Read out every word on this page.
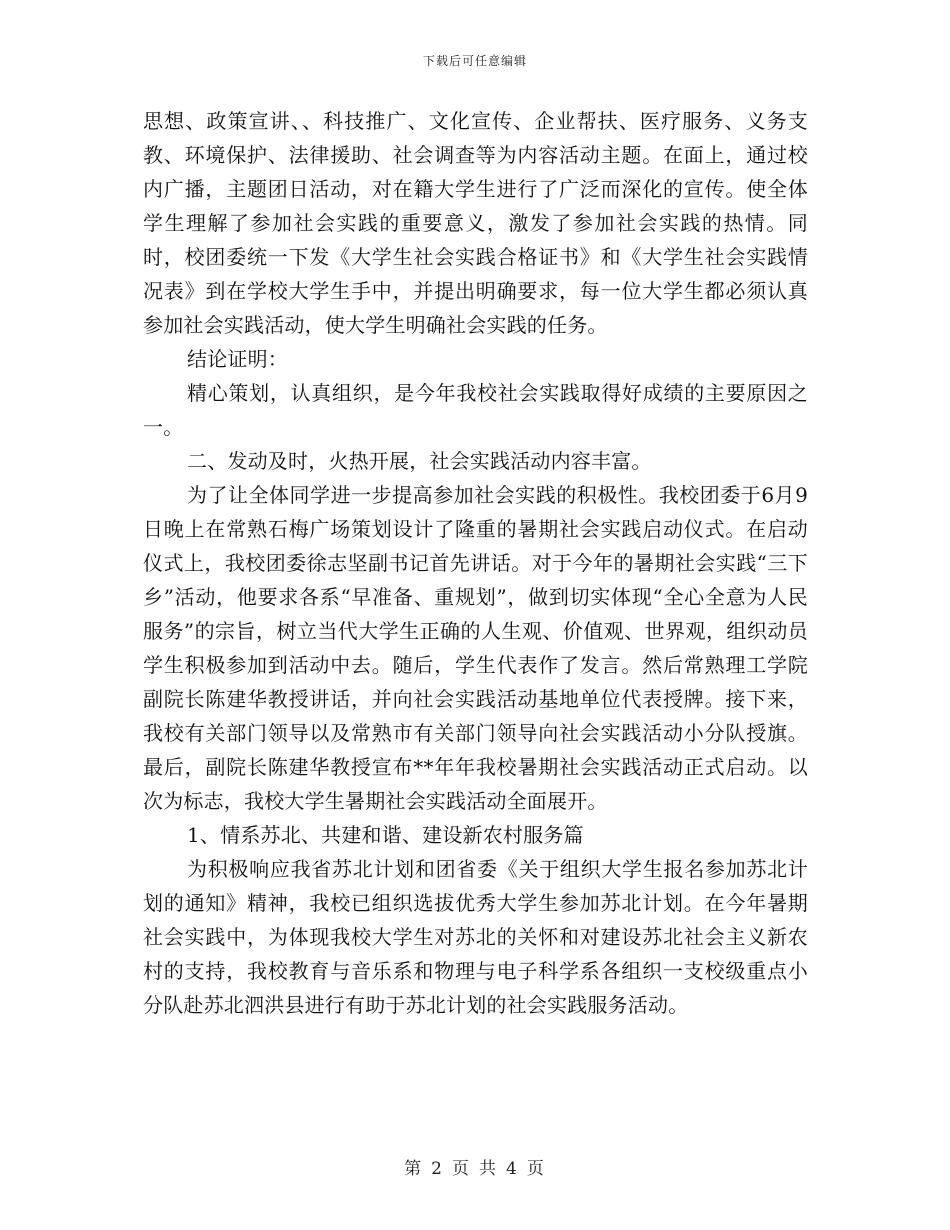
下载后可任意编辑

思想、政策宣讲、、科技推广、文化宣传、企业帮扶、医疗服务、义务支教、环境保护、法律援助、社会调查等为内容活动主题。在面上，通过校内广播，主题团日活动，对在籍大学生进行了广泛而深化的宣传。使全体学生理解了参加社会实践的重要意义，激发了参加社会实践的热情。同时，校团委统一下发《大学生社会实践合格证书》和《大学生社会实践情况表》到在学校大学生手中，并提出明确要求，每一位大学生都必须认真参加社会实践活动，使大学生明确社会实践的任务。

结论证明：

精心策划，认真组织，是今年我校社会实践取得好成绩的主要原因之一。

二、发动及时，火热开展，社会实践活动内容丰富。

为了让全体同学进一步提高参加社会实践的积极性。我校团委于6月9日晚上在常熟石梅广场策划设计了隆重的暑期社会实践启动仪式。在启动仪式上，我校团委徐志坚副书记首先讲话。对于今年的暑期社会实践“三下乡”活动，他要求各系“早准备、重规划”，做到切实体现“全心全意为人民服务”的宗旨，树立当代大学生正确的人生观、价值观、世界观，组织动员学生积极参加到活动中去。随后，学生代表作了发言。然后常熟理工学院副院长陈建华教授讲话，并向社会实践活动基地单位代表授牌。接下来，我校有关部门领导以及常熟市有关部门领导向社会实践活动小分队授旗。最后，副院长陈建华教授宣布**年年我校暑期社会实践活动正式启动。以次为标志，我校大学生暑期社会实践活动全面展开。

1、情系苏北、共建和谐、建设新农村服务篇

为积极响应我省苏北计划和团省委《关于组织大学生报名参加苏北计划的通知》精神，我校已组织选拔优秀大学生参加苏北计划。在今年暑期社会实践中，为体现我校大学生对苏北的关怀和对建设苏北社会主义新农村的支持，我校教育与音乐系和物理与电子科学系各组织一支校级重点小分队赴苏北泗洪县进行有助于苏北计划的社会实践服务活动。

第 2 页 共 4 页
